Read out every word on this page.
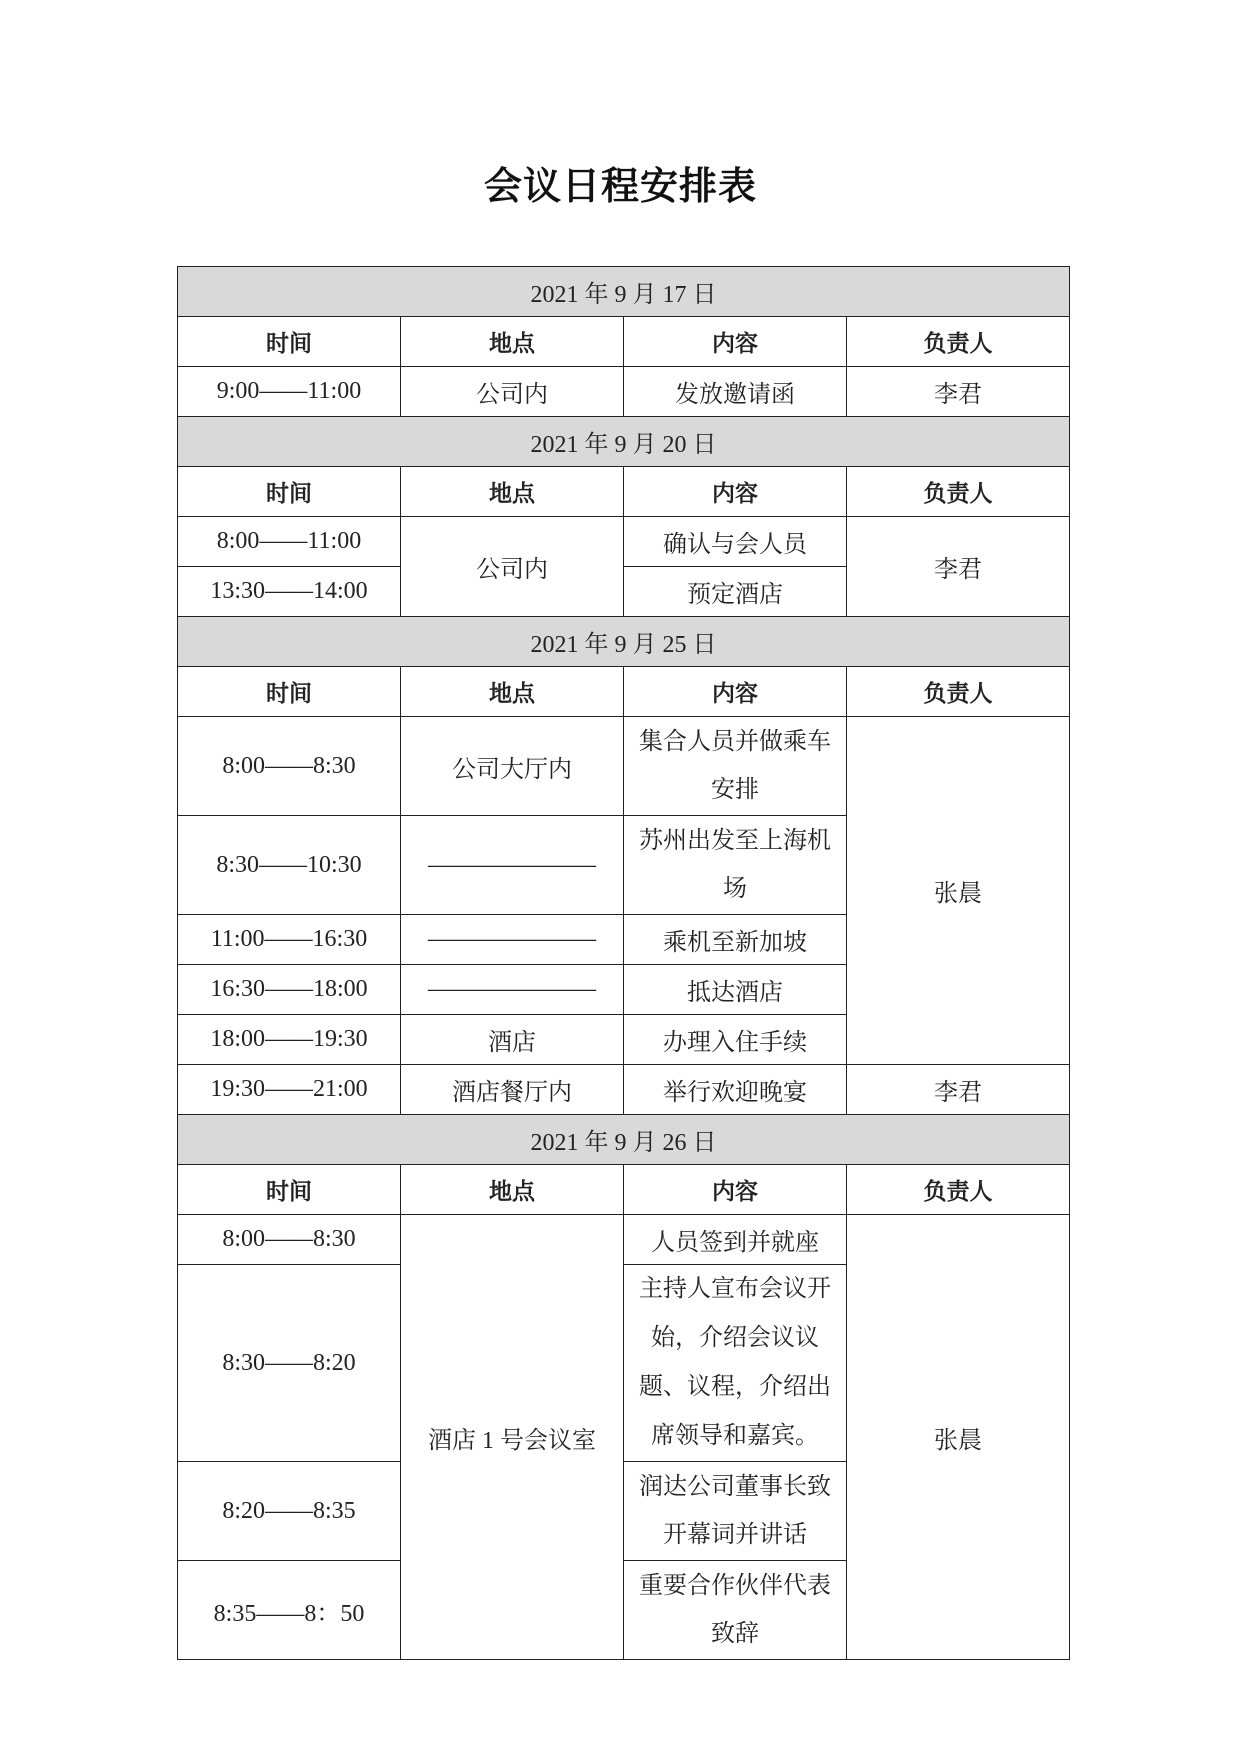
会议日程安排表
2021 年 9 月 17 日			
时间	地点	内容	负责人
9:00——11:00	公司内	发放邀请函	李君
2021 年 9 月 20 日			
时间	地点	内容	负责人
8:00——11:00	公司内	确认与会人员	李君
13:30——14:00		预定酒店	
2021 年 9 月 25 日			
时间	地点	内容	负责人
8:00——8:30	公司大厅内	集合人员并做乘车安排	张晨
8:30——10:30	———————	苏州出发至上海机场	
11:00——16:30	———————	乘机至新加坡	
16:30——18:00	———————	抵达酒店	
18:00——19:30	酒店	办理入住手续	
19:30——21:00	酒店餐厅内	举行欢迎晚宴	李君
2021 年 9 月 26 日			
时间	地点	内容	负责人
8:00——8:30	酒店 1 号会议室	人员签到并就座	张晨
8:30——8:20		主持人宣布会议开始，介绍会议议题、议程，介绍出席领导和嘉宾。	
8:20——8:35		润达公司董事长致开幕词并讲话	
8:35——8：50		重要合作伙伴代表致辞	
